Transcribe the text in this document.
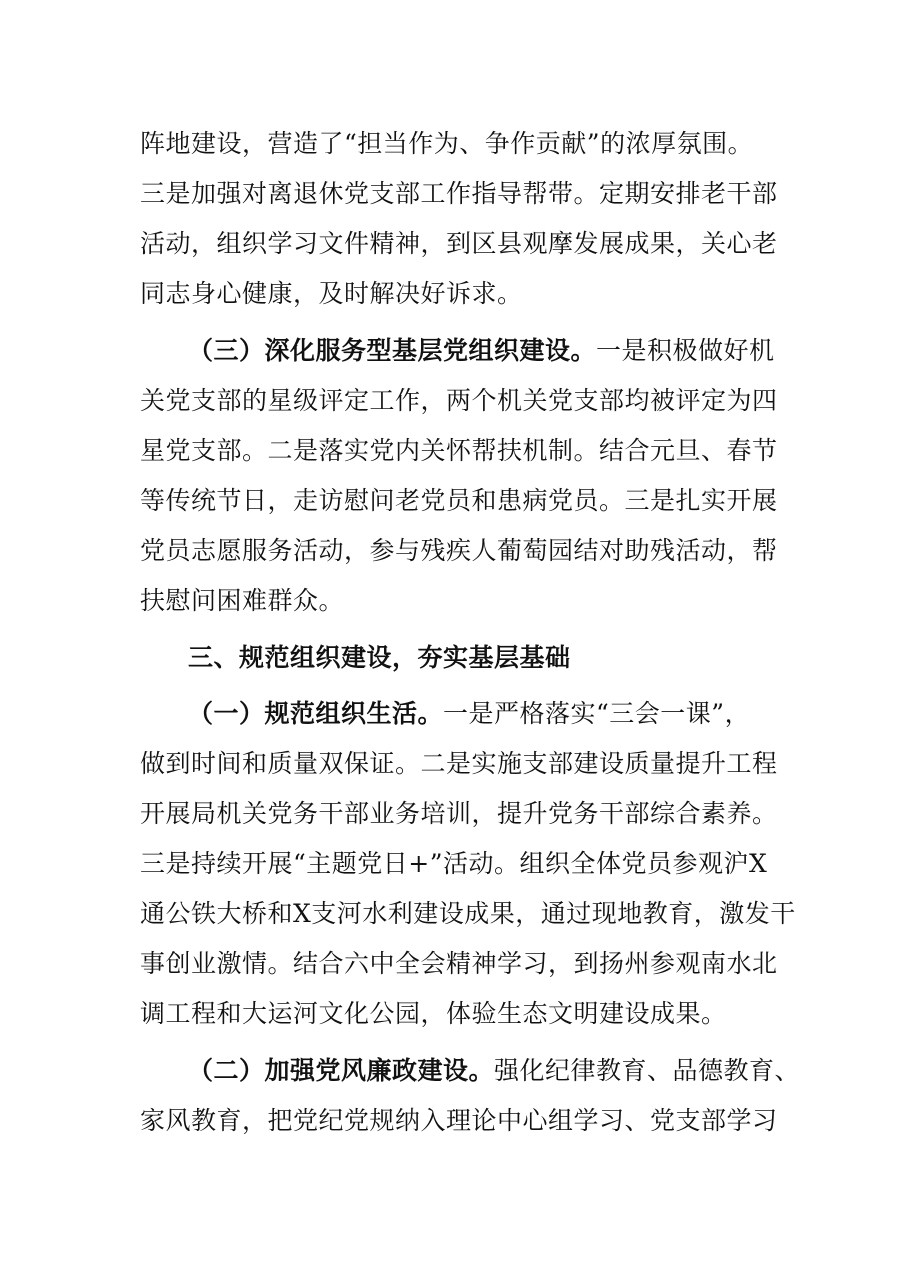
阵地建设，营造了“担当作为、争作贡献”的浓厚氛围。
三是加强对离退休党支部工作指导帮带。定期安排老干部
活动，组织学习文件精神，到区县观摩发展成果，关心老
同志身心健康，及时解决好诉求。
（三）深化服务型基层党组织建设。一是积极做好机
关党支部的星级评定工作，两个机关党支部均被评定为四
星党支部。二是落实党内关怀帮扶机制。结合元旦、春节
等传统节日，走访慰问老党员和患病党员。三是扎实开展
党员志愿服务活动，参与残疾人葡萄园结对助残活动，帮
扶慰问困难群众。
三、规范组织建设，夯实基层基础
（一）规范组织生活。一是严格落实“三会一课”，
做到时间和质量双保证。二是实施支部建设质量提升工程
开展局机关党务干部业务培训，提升党务干部综合素养。
三是持续开展“主题党日+”活动。组织全体党员参观沪X
通公铁大桥和X支河水利建设成果，通过现地教育，激发干
事创业激情。结合六中全会精神学习，到扬州参观南水北
调工程和大运河文化公园，体验生态文明建设成果。
（二）加强党风廉政建设。强化纪律教育、品德教育、
家风教育，把党纪党规纳入理论中心组学习、党支部学习
